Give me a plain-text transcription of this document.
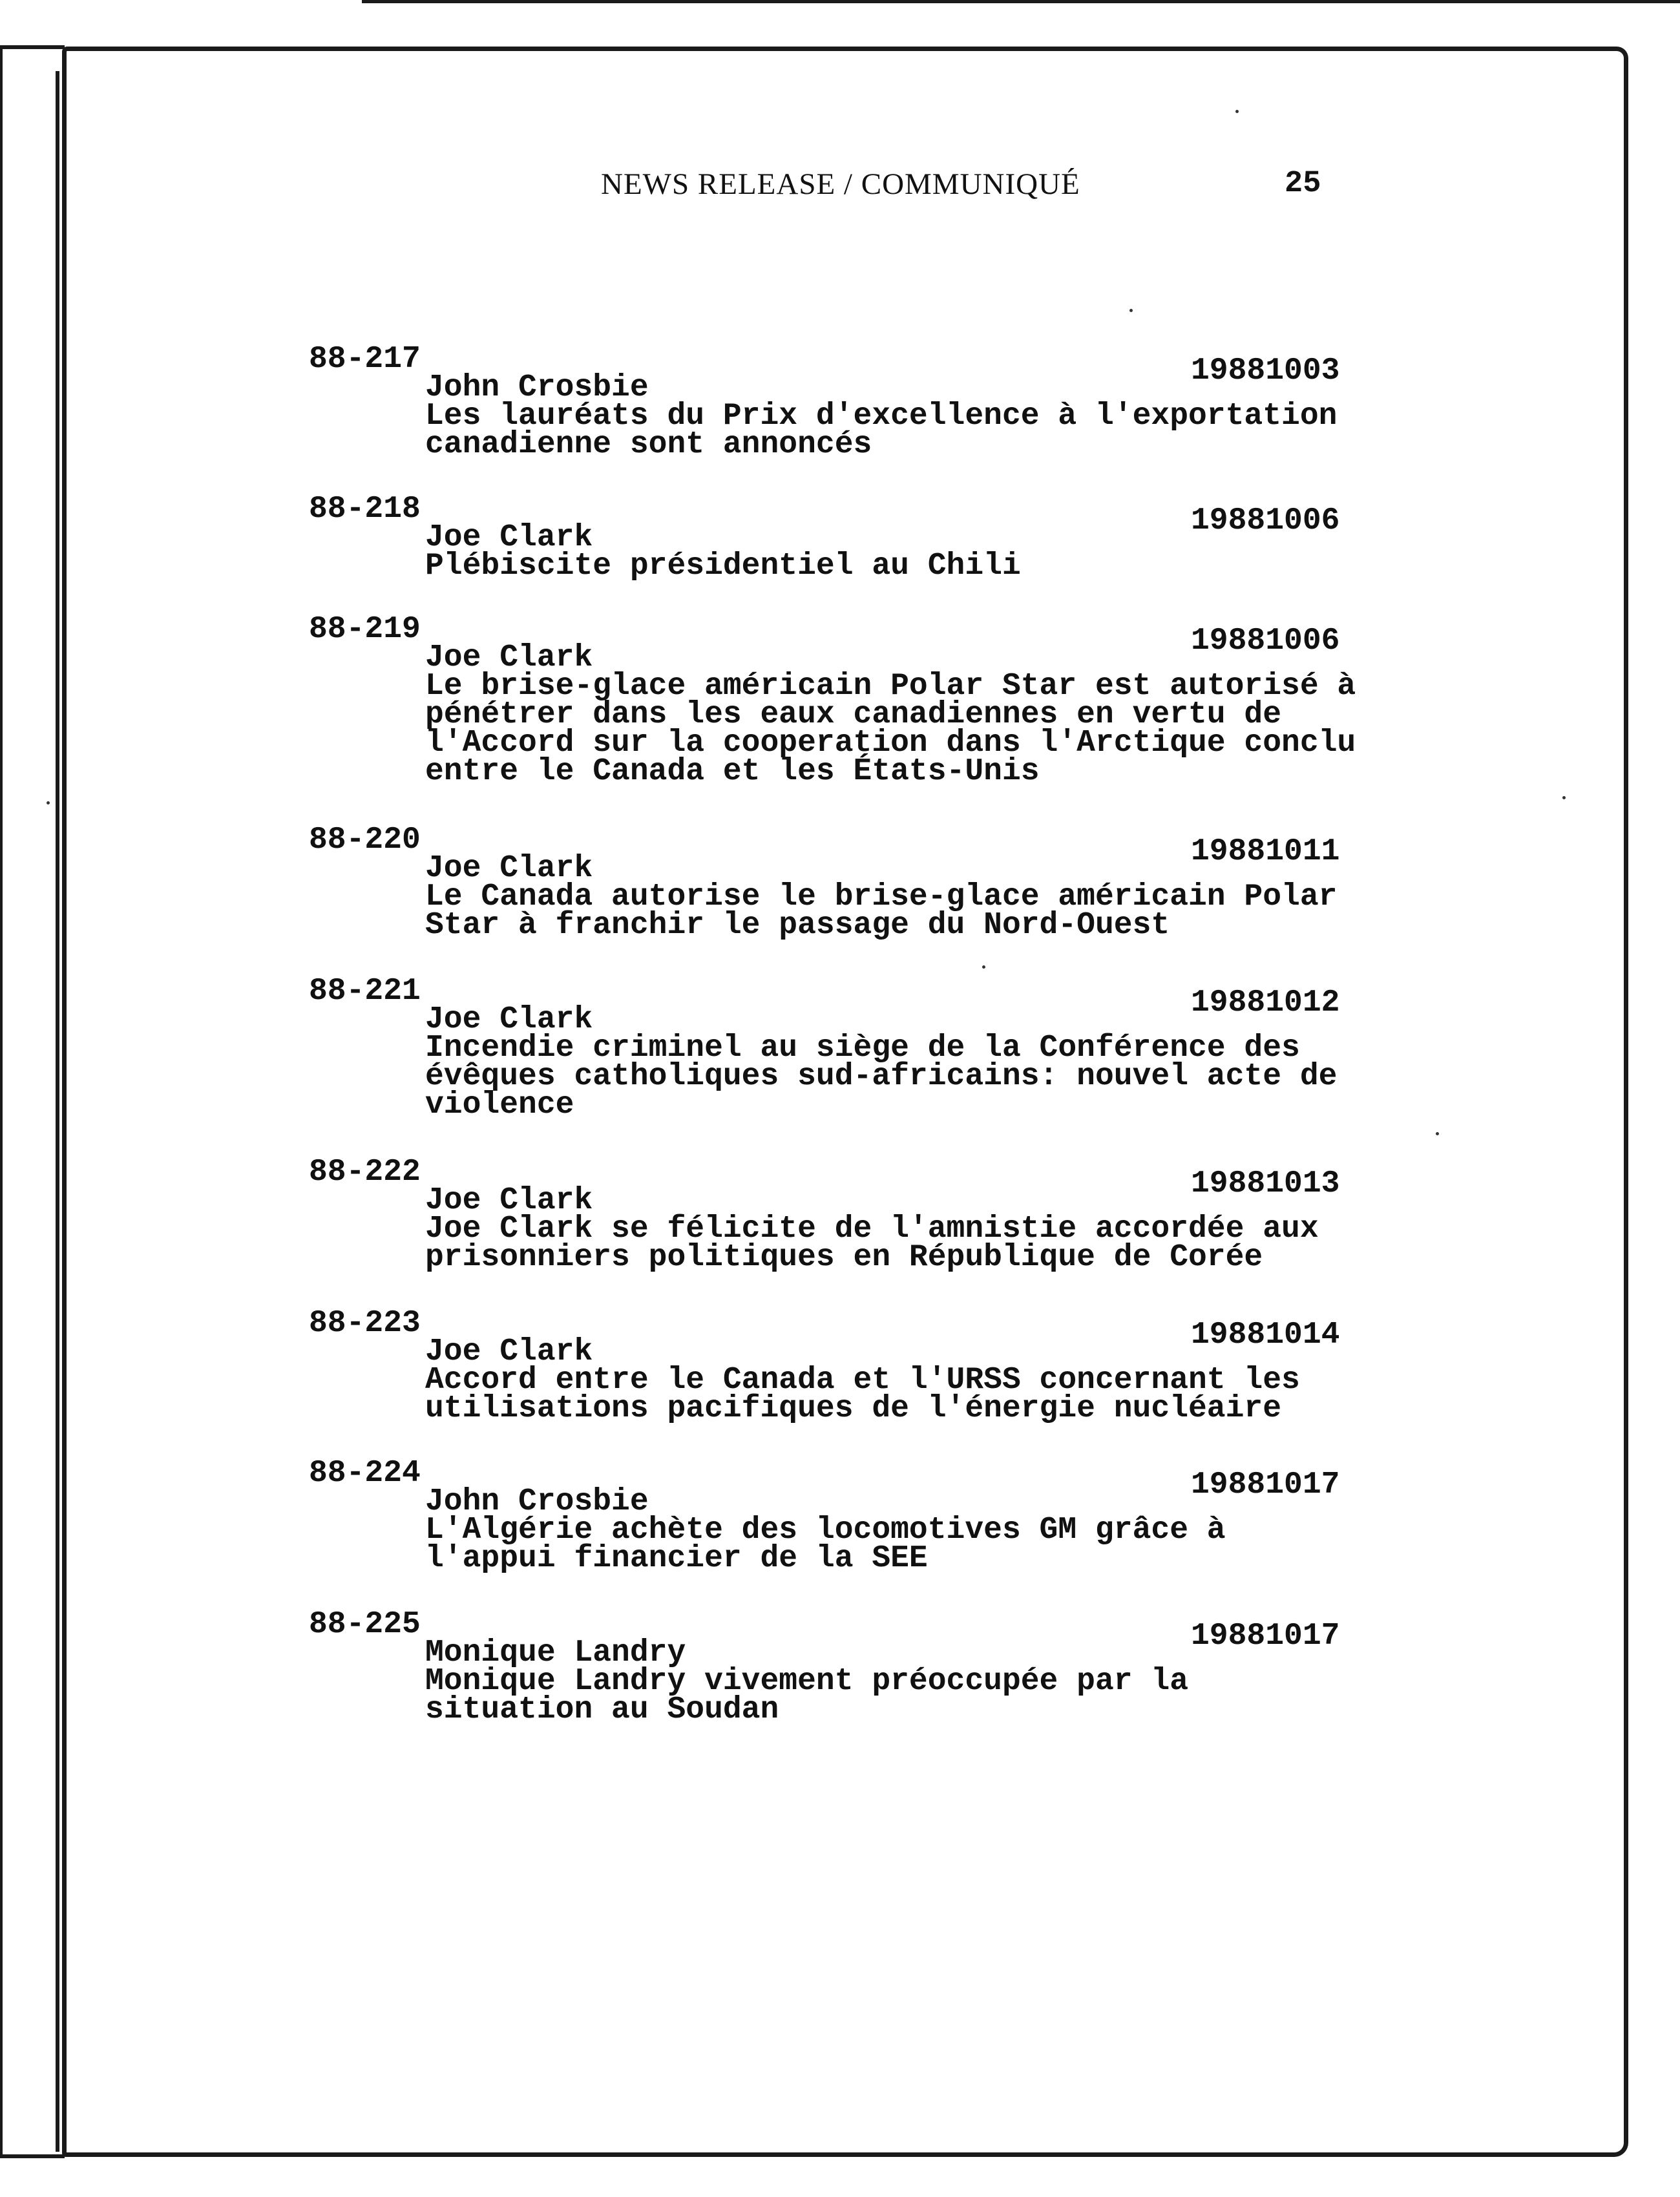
NEWS RELEASE / COMMUNIQUÉ	25
88-217	19881003
John Crosbie
Les lauréats du Prix d'excellence à l'exportation
canadienne sont annoncés
88-218	19881006
Joe Clark
Plébiscite présidentiel au Chili
88-219	19881006
Joe Clark
Le brise-glace américain Polar Star est autorisé à
pénétrer dans les eaux canadiennes en vertu de
l'Accord sur la cooperation dans l'Arctique conclu
entre le Canada et les États-Unis
88-220	19881011
Joe Clark
Le Canada autorise le brise-glace américain Polar
Star à franchir le passage du Nord-Ouest
88-221	19881012
Joe Clark
Incendie criminel au siège de la Conférence des
évêques catholiques sud-africains: nouvel acte de
violence
88-222	19881013
Joe Clark
Joe Clark se félicite de l'amnistie accordée aux
prisonniers politiques en République de Corée
88-223	19881014
Joe Clark
Accord entre le Canada et l'URSS concernant les
utilisations pacifiques de l'énergie nucléaire
88-224	19881017
John Crosbie
L'Algérie achète des locomotives GM grâce à
l'appui financier de la SEE
88-225	19881017
Monique Landry
Monique Landry vivement préoccupée par la
situation au Soudan
